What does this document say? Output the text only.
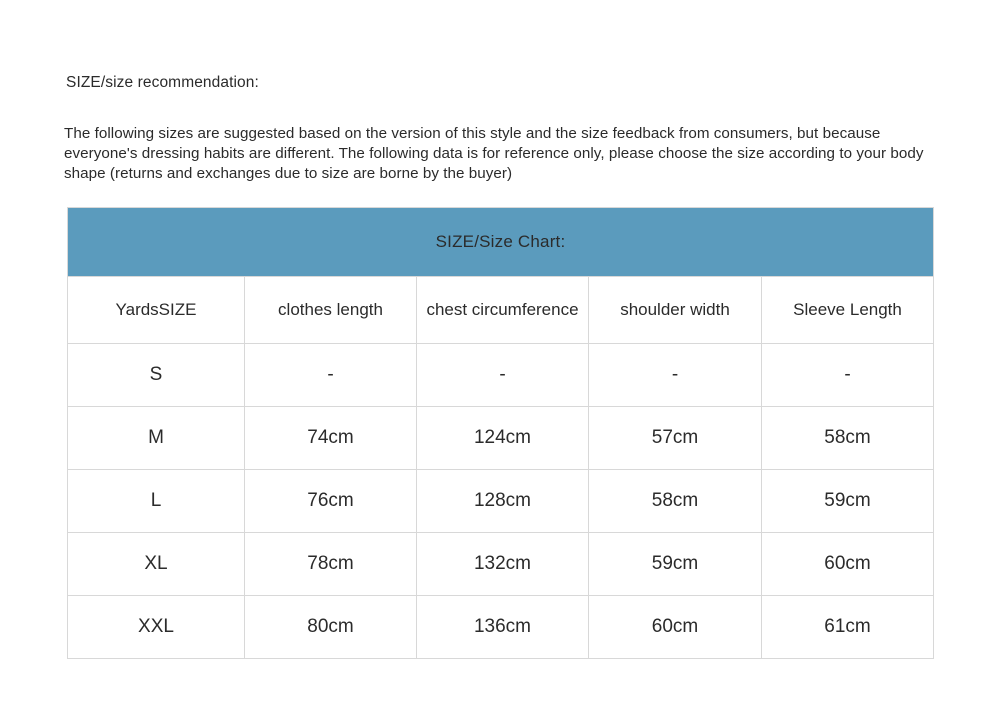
SIZE/size recommendation:

The following sizes are suggested based on the version of this style and the size feedback from consumers, but because everyone's dressing habits are different. The following data is for reference only, please choose the size according to your body shape (returns and exchanges due to size are borne by the buyer)

SIZE/Size Chart:				
YardsSIZE	clothes length	chest circumference	shoulder width	Sleeve Length
S	-	-	-	-
M	74cm	124cm	57cm	58cm
L	76cm	128cm	58cm	59cm
XL	78cm	132cm	59cm	60cm
XXL	80cm	136cm	60cm	61cm
